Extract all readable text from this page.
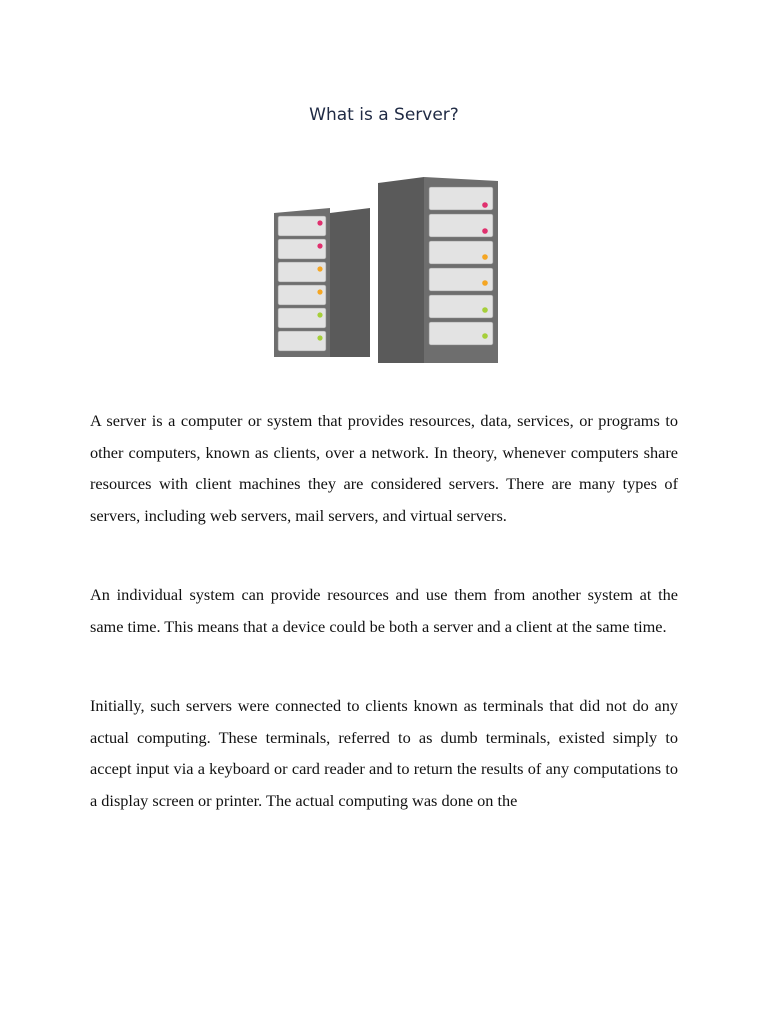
What is a Server?

A server is a computer or system that provides resources, data, services, or programs to other computers, known as clients, over a network. In theory, whenever computers share resources with client machines they are considered servers. There are many types of servers, including web servers, mail servers, and virtual servers.

An individual system can provide resources and use them from another system at the same time. This means that a device could be both a server and a client at the same time.

Initially, such servers were connected to clients known as terminals that did not do any actual computing. These terminals, referred to as dumb terminals, existed simply to accept input via a keyboard or card reader and to return the results of any computations to a display screen or printer. The actual computing was done on the
